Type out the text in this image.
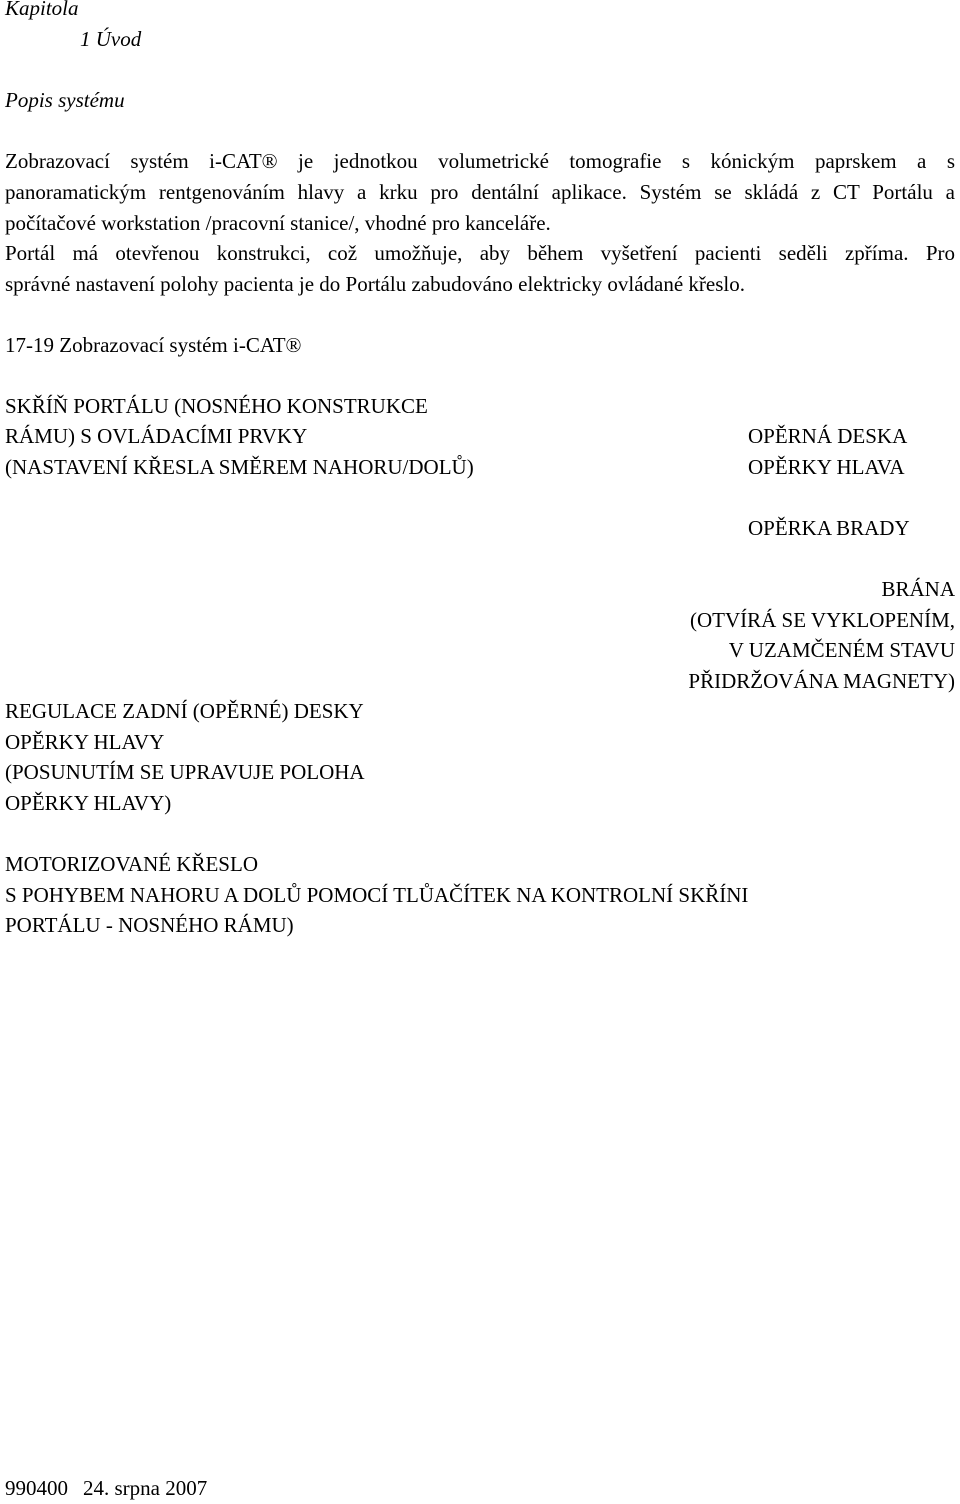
Kapitola
1 Úvod
Popis systému
Zobrazovací systém i-CAT® je jednotkou volumetrické tomografie s kónickým paprskem a s
panoramatickým rentgenováním hlavy a krku pro dentální aplikace. Systém se skládá z CT Portálu a
počítačové workstation /pracovní stanice/, vhodné pro kanceláře.
Portál má otevřenou konstrukci, což umožňuje, aby během vyšetření pacienti seděli zpříma. Pro
správné nastavení polohy pacienta je do Portálu zabudováno elektricky ovládané křeslo.
17-19 Zobrazovací systém i-CAT®
SKŘÍŇ PORTÁLU (NOSNÉHO KONSTRUKCE
RÁMU) S OVLÁDACÍMI PRVKY
(NASTAVENÍ KŘESLA SMĚREM NAHORU/DOLŮ)
OPĚRNÁ DESKA
OPĚRKY HLAVA
OPĚRKA BRADY
BRÁNA
(OTVÍRÁ SE VYKLOPENÍM,
V UZAMČENÉM STAVU
PŘIDRŽOVÁNA MAGNETY)
REGULACE ZADNÍ (OPĚRNÉ) DESKY
OPĚRKY HLAVY
(POSUNUTÍM SE UPRAVUJE POLOHA
OPĚRKY HLAVY)
MOTORIZOVANÉ KŘESLO
S POHYBEM NAHORU A DOLŮ POMOCÍ TLŮAČÍTEK NA KONTROLNÍ SKŘÍNI
PORTÁLU - NOSNÉHO RÁMU)
990400 24. srpna 2007
